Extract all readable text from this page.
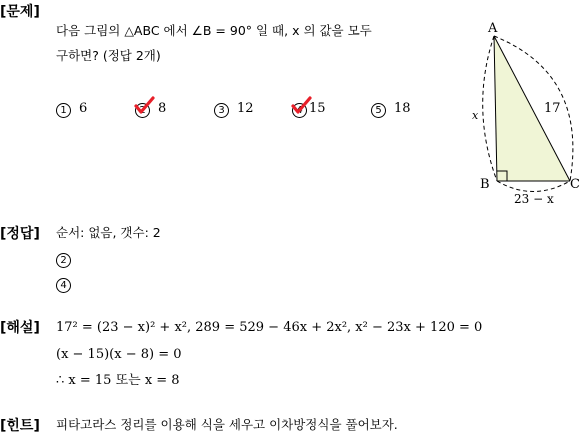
[문제]
다음 그림의 △ABC 에서 ∠B = 90° 일 때, x 의 값을 모두
구하면? (정답 2개)
1 6	2 8	3 12	4 15	5 18
A
B	C
17
x
23 − x
[정답] 순서: 없음, 갯수: 2
2
4
[해설] 17² = (23 − x)² + x², 289 = 529 − 46x + 2x², x² − 23x + 120 = 0
(x − 15)(x − 8) = 0
∴ x = 15 또는 x = 8
[힌트] 피타고라스 정리를 이용해 식을 세우고 이차방정식을 풀어보자.
